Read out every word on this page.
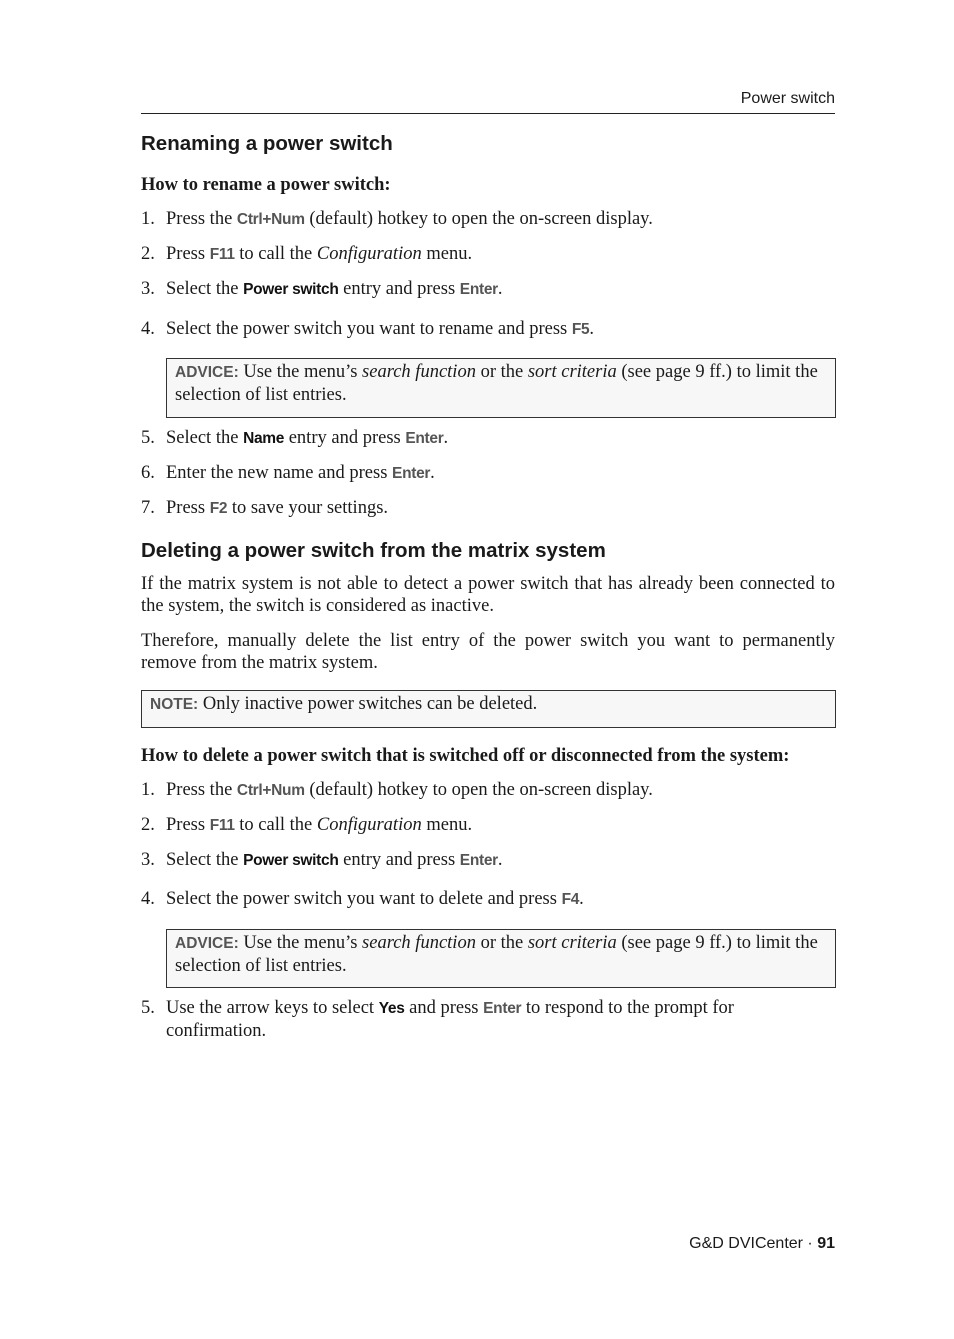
Power switch
Renaming a power switch
How to rename a power switch:
1. Press the Ctrl+Num (default) hotkey to open the on-screen display.
2. Press F11 to call the Configuration menu.
3. Select the Power switch entry and press Enter.
4. Select the power switch you want to rename and press F5.
ADVICE: Use the menu’s search function or the sort criteria (see page 9 ff.) to limit the selection of list entries.
5. Select the Name entry and press Enter.
6. Enter the new name and press Enter.
7. Press F2 to save your settings.
Deleting a power switch from the matrix system

If the matrix system is not able to detect a power switch that has already been connected to the system, the switch is considered as inactive.

Therefore, manually delete the list entry of the power switch you want to permanently remove from the matrix system.

NOTE: Only inactive power switches can be deleted.
How to delete a power switch that is switched off or disconnected from the system:
1. Press the Ctrl+Num (default) hotkey to open the on-screen display.
2. Press F11 to call the Configuration menu.
3. Select the Power switch entry and press Enter.
4. Select the power switch you want to delete and press F4.
ADVICE: Use the menu’s search function or the sort criteria (see page 9 ff.) to limit the selection of list entries.
5. Use the arrow keys to select Yes and press Enter to respond to the prompt for confirmation.
G&D DVICenter · 91
